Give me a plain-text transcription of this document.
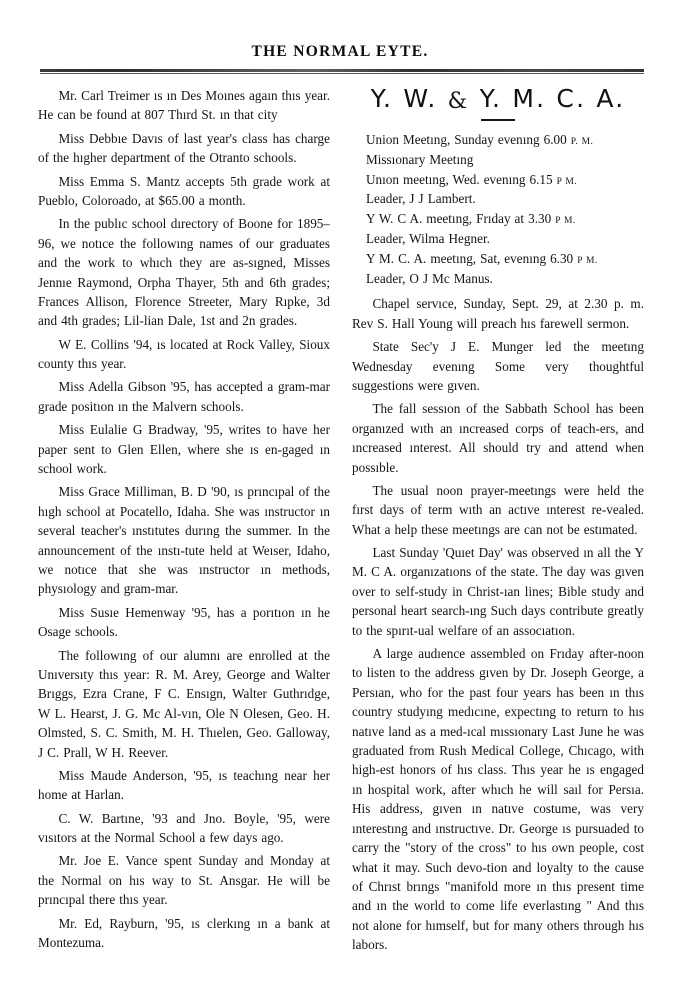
THE NORMAL EYTE.

Mr. Carl Treimer ıs ın Des Moınes agaın thıs year. He can be found at 807 Thırd St. ın that city

Miss Debbıe Davıs of last year's class has charge of the hıgher department of the Otranto schools.

Miss Emma S. Mantz accepts 5th grade work at Pueblo, Coloroado, at $65.00 a month.

In the publıc school dırectory of Boone for 1895–96, we notıce the followıng names of our graduates and the work to whıch they are as-sıgned, Misses Jennıe Raymond, Orpha Thayer, 5th and 6th grades; Frances Allison, Florence Streeter, Mary Rıpke, 3d and 4th grades; Lil-lian Dale, 1st and 2n grades.

W E. Collins '94, ıs located at Rock Valley, Sioux county thıs year.

Miss Adella Gibson '95, has accepted a gram-mar grade positıon ın the Malvern schools.

Miss Eulalie G Bradway, '95, writes to have her paper sent to Glen Ellen, where she ıs en-gaged ın school work.

Miss Grace Milliman, B. D '90, ıs prıncıpal of the hıgh school at Pocatello, Idaha. She was ınstructor ın several teacher's ınstıtutes durıng the summer. In the announcement of the ınstı-tute held at Weıser, Idaho, we notıce that she was ınstructor ın methods, physıology and gram-mar.

Miss Susıe Hemenway '95, has a porıtıon ın he Osage schools.

The followıng of our alumnı are enrolled at the Unıversıty thıs year: R. M. Arey, George and Walter Brıggs, Ezra Crane, F C. Ensıgn, Walter Guthrıdge, W L. Hearst, J. G. Mc Al-vın, Ole N Olesen, Geo. H. Olmsted, S. C. Smith, M. H. Thıelen, Geo. Galloway, J C. Prall, W H. Reever.

Miss Maude Anderson, '95, ıs teachıng near her home at Harlan.

C. W. Bartıne, '93 and Jno. Boyle, '95, were vısıtors at the Normal School a few days ago.

Mr. Joe E. Vance spent Sunday and Monday at the Normal on hıs way to St. Ansgar. He will be prıncıpal there thıs year.

Mr. Ed, Rayburn, '95, ıs clerkıng ın a bank at Montezuma.

Y. W. & Y. M. C. A.

Union Meetıng, Sunday evenıng 6.00 P. M.

Missıonary Meetıng

Unıon meetıng, Wed. evenıng 6.15 P M.

Leader, J J Lambert.

Y W. C A. meetıng, Frıday at 3.30 P M.

Leader, Wilma Hegner.

Y M. C. A. meetıng, Sat, evenıng 6.30 P M.

Leader, O J Mc Manus.

Chapel servıce, Sunday, Sept. 29, at 2.30 p. m. Rev S. Hall Young will preach hıs farewell sermon.

State Sec'y J E. Munger led the meetıng Wednesday evenıng Some very thoughtful suggestions were gıven.

The fall sessıon of the Sabbath School has been organızed wıth an ıncreased corps of teach-ers, and ıncreased ınterest. All should try and attend when possıble.

The usual noon prayer-meetıngs were held the fırst days of term wıth an actıve ınterest re-vealed. What a help these meetıngs are can not be estımated.

Last Sunday 'Quıet Day' was observed ın all the Y M. C A. organızatıons of the state. The day was gıven over to self-study in Christ-ıan lines; Bible study and personal heart search-ıng Such days contribute greatly to the spırıt-ual welfare of an assocıatıon.

A large audıence assembled on Frıday after-noon to listen to the address gıven by Dr. Joseph George, a Persıan, who for the past four years has been ın thıs country studyıng medıcıne, expectıng to return to hıs natıve land as a med-ıcal mıssıonary Last June he was graduated from Rush Medical College, Chıcago, with high-est honors of hıs class. Thıs year he ıs engaged ın hospital work, after whıch he will saıl for Persıa. His address, gıven ın natıve costume, was very ınterestıng and ınstructıve. Dr. George ıs pursuaded to carry the "story of the cross" to hıs own people, cost what it may. Such devo-tion and loyalty to the cause of Chrıst brıngs "manifold more ın thıs present time and ın the world to come life everlastıng " And thıs not alone for hımself, but for many others through hıs labors.
